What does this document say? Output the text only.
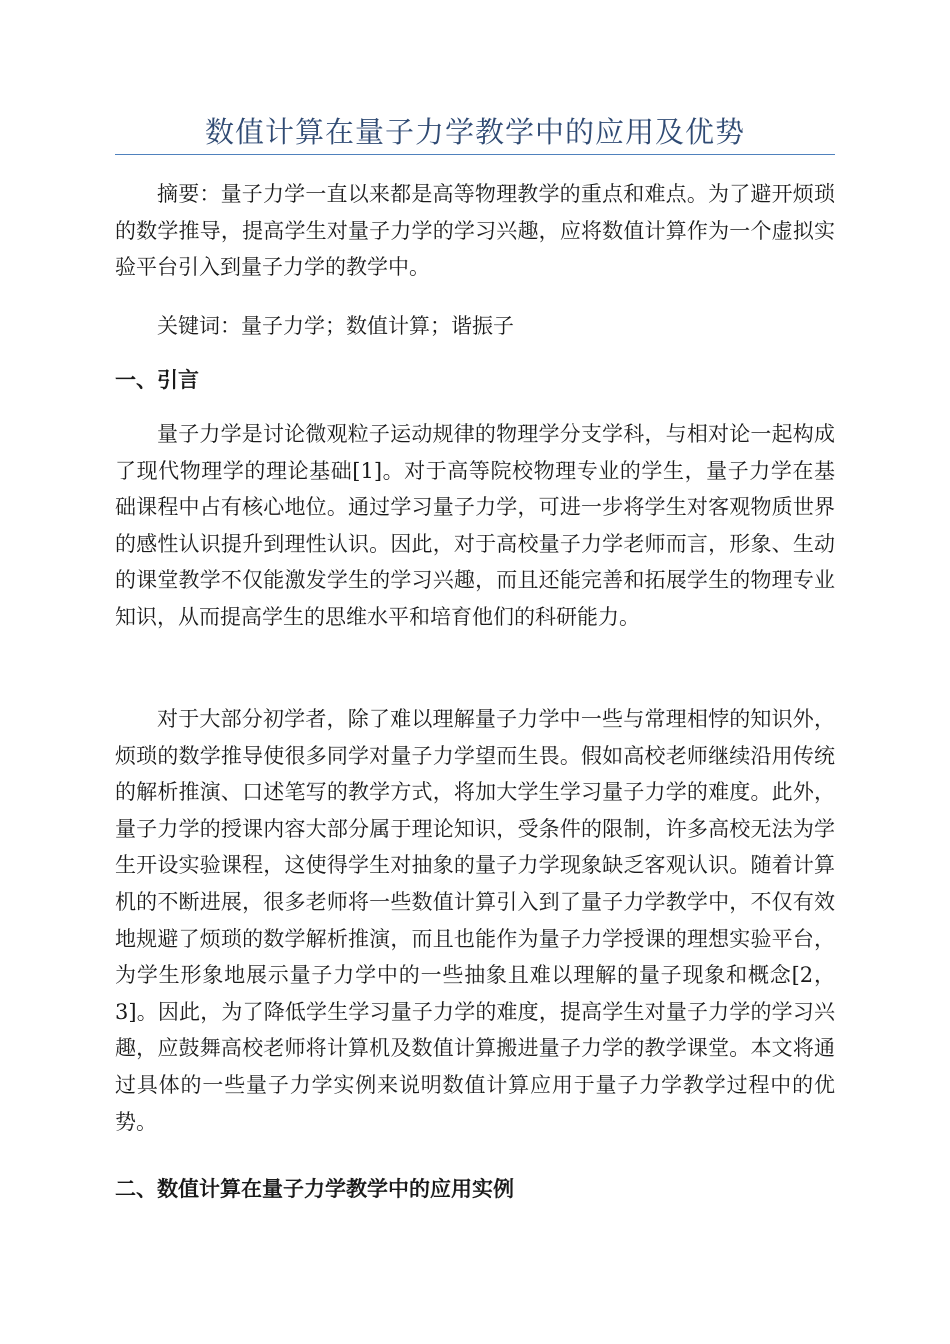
数值计算在量子力学教学中的应用及优势

摘要：量子力学一直以来都是高等物理教学的重点和难点。为了避开烦琐的数学推导，提高学生对量子力学的学习兴趣，应将数值计算作为一个虚拟实验平台引入到量子力学的教学中。

关键词：量子力学；数值计算；谐振子

一、引言

量子力学是讨论微观粒子运动规律的物理学分支学科，与相对论一起构成了现代物理学的理论基础[1]。对于高等院校物理专业的学生，量子力学在基础课程中占有核心地位。通过学习量子力学，可进一步将学生对客观物质世界的感性认识提升到理性认识。因此，对于高校量子力学老师而言，形象、生动的课堂教学不仅能激发学生的学习兴趣，而且还能完善和拓展学生的物理专业知识，从而提高学生的思维水平和培育他们的科研能力。

对于大部分初学者，除了难以理解量子力学中一些与常理相悖的知识外，烦琐的数学推导使很多同学对量子力学望而生畏。假如高校老师继续沿用传统的解析推演、口述笔写的教学方式，将加大学生学习量子力学的难度。此外，量子力学的授课内容大部分属于理论知识，受条件的限制，许多高校无法为学生开设实验课程，这使得学生对抽象的量子力学现象缺乏客观认识。随着计算机的不断进展，很多老师将一些数值计算引入到了量子力学教学中，不仅有效地规避了烦琐的数学解析推演，而且也能作为量子力学授课的理想实验平台，为学生形象地展示量子力学中的一些抽象且难以理解的量子现象和概念[2，3]。因此，为了降低学生学习量子力学的难度，提高学生对量子力学的学习兴趣，应鼓舞高校老师将计算机及数值计算搬进量子力学的教学课堂。本文将通过具体的一些量子力学实例来说明数值计算应用于量子力学教学过程中的优势。

二、数值计算在量子力学教学中的应用实例
